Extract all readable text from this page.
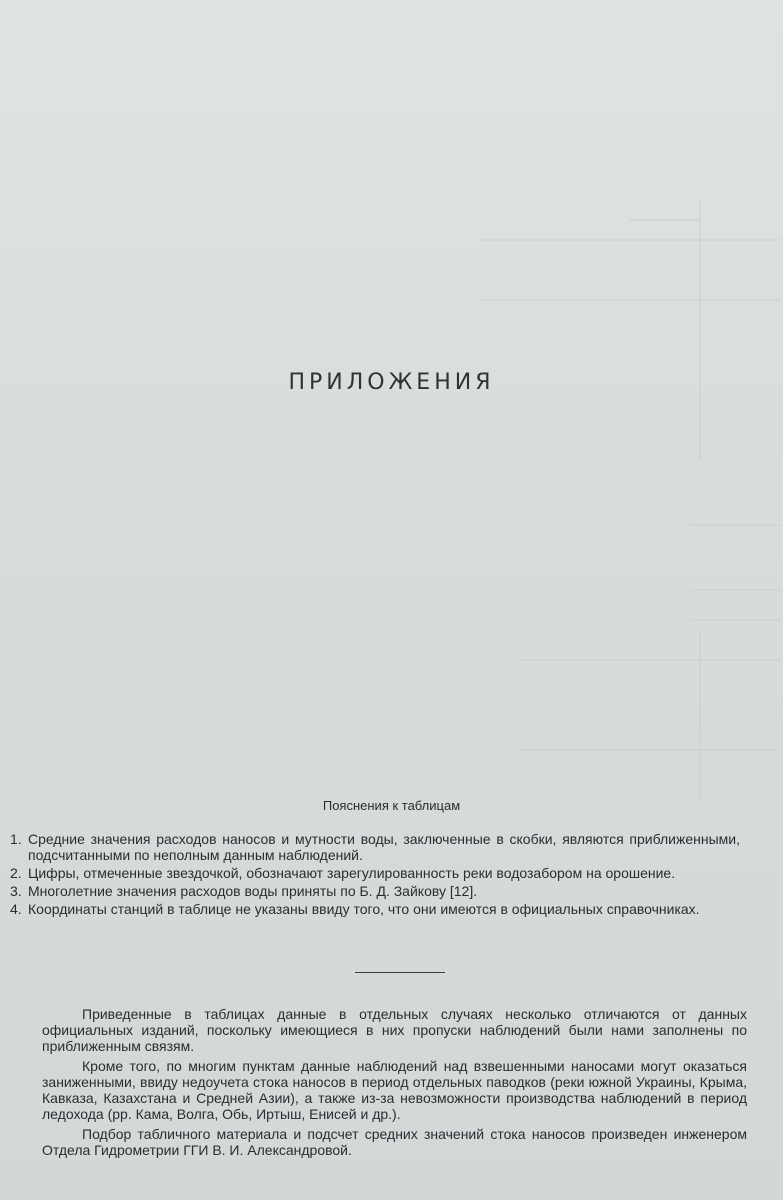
ПРИЛОЖЕНИЯ
Пояснения к таблицам
1. Средние значения расходов наносов и мутности воды, заключенные в скобки, являются приближенными, подсчитанными по неполным данным наблюдений.
2. Цифры, отмеченные звездочкой, обозначают зарегулированность реки водозабором на орошение.
3. Многолетние значения расходов воды приняты по Б. Д. Зайкову [12].
4. Координаты станций в таблице не указаны ввиду того, что они имеются в официальных справочниках.

Приведенные в таблицах данные в отдельных случаях несколько отличаются от данных официальных изданий, поскольку имеющиеся в них пропуски наблюдений были нами заполнены по приближенным связям.

Кроме того, по многим пунктам данные наблюдений над взвешенными наносами могут оказаться заниженными, ввиду недоучета стока наносов в период отдельных паводков (реки южной Украины, Крыма, Кавказа, Казахстана и Средней Азии), а также из-за невозможности производства наблюдений в период ледохода (рр. Кама, Волга, Обь, Иртыш, Енисей и др.).

Подбор табличного материала и подсчет средних значений стока наносов произведен инженером Отдела Гидрометрии ГГИ В. И. Александровой.
